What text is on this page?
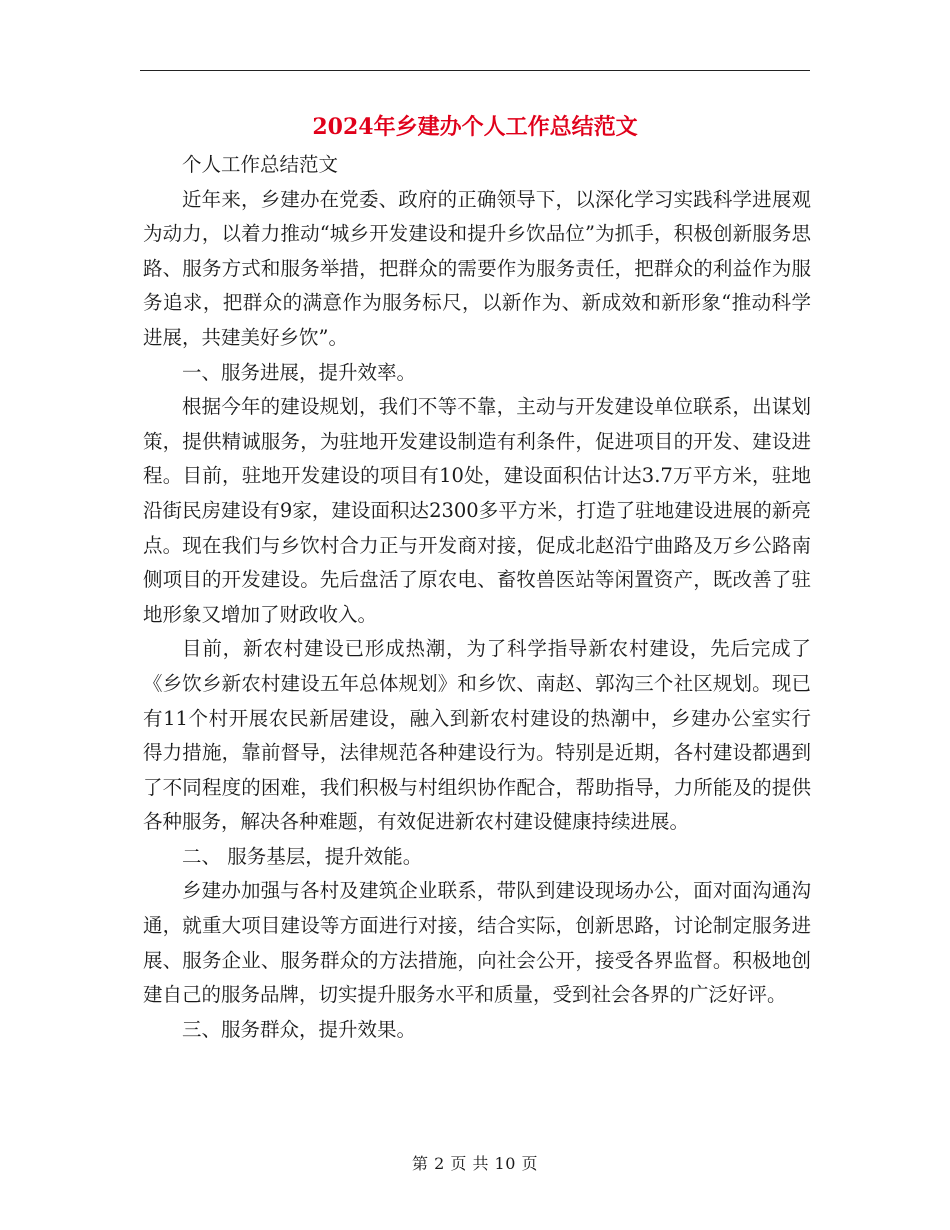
2024年乡建办个人工作总结范文

个人工作总结范文

近年来，乡建办在党委、政府的正确领导下，以深化学习实践科学进展观为动力，以着力推动“城乡开发建设和提升乡饮品位”为抓手，积极创新服务思路、服务方式和服务举措，把群众的需要作为服务责任，把群众的利益作为服务追求，把群众的满意作为服务标尺，以新作为、新成效和新形象“推动科学进展，共建美好乡饮”。

一、服务进展，提升效率。

根据今年的建设规划，我们不等不靠，主动与开发建设单位联系，出谋划策，提供精诚服务，为驻地开发建设制造有利条件，促进项目的开发、建设进程。目前，驻地开发建设的项目有10处，建设面积估计达3.7万平方米，驻地沿街民房建设有9家，建设面积达2300多平方米，打造了驻地建设进展的新亮点。现在我们与乡饮村合力正与开发商对接，促成北赵沿宁曲路及万乡公路南侧项目的开发建设。先后盘活了原农电、畜牧兽医站等闲置资产，既改善了驻地形象又增加了财政收入。

目前，新农村建设已形成热潮，为了科学指导新农村建设，先后完成了《乡饮乡新农村建设五年总体规划》和乡饮、南赵、郭沟三个社区规划。现已有11个村开展农民新居建设，融入到新农村建设的热潮中，乡建办公室实行得力措施，靠前督导，法律规范各种建设行为。特别是近期，各村建设都遇到了不同程度的困难，我们积极与村组织协作配合，帮助指导，力所能及的提供各种服务，解决各种难题，有效促进新农村建设健康持续进展。

二、 服务基层，提升效能。

乡建办加强与各村及建筑企业联系，带队到建设现场办公，面对面沟通沟通，就重大项目建设等方面进行对接，结合实际，创新思路，讨论制定服务进展、服务企业、服务群众的方法措施，向社会公开，接受各界监督。积极地创建自己的服务品牌，切实提升服务水平和质量，受到社会各界的广泛好评。

三、服务群众，提升效果。

第 2 页 共 10 页
